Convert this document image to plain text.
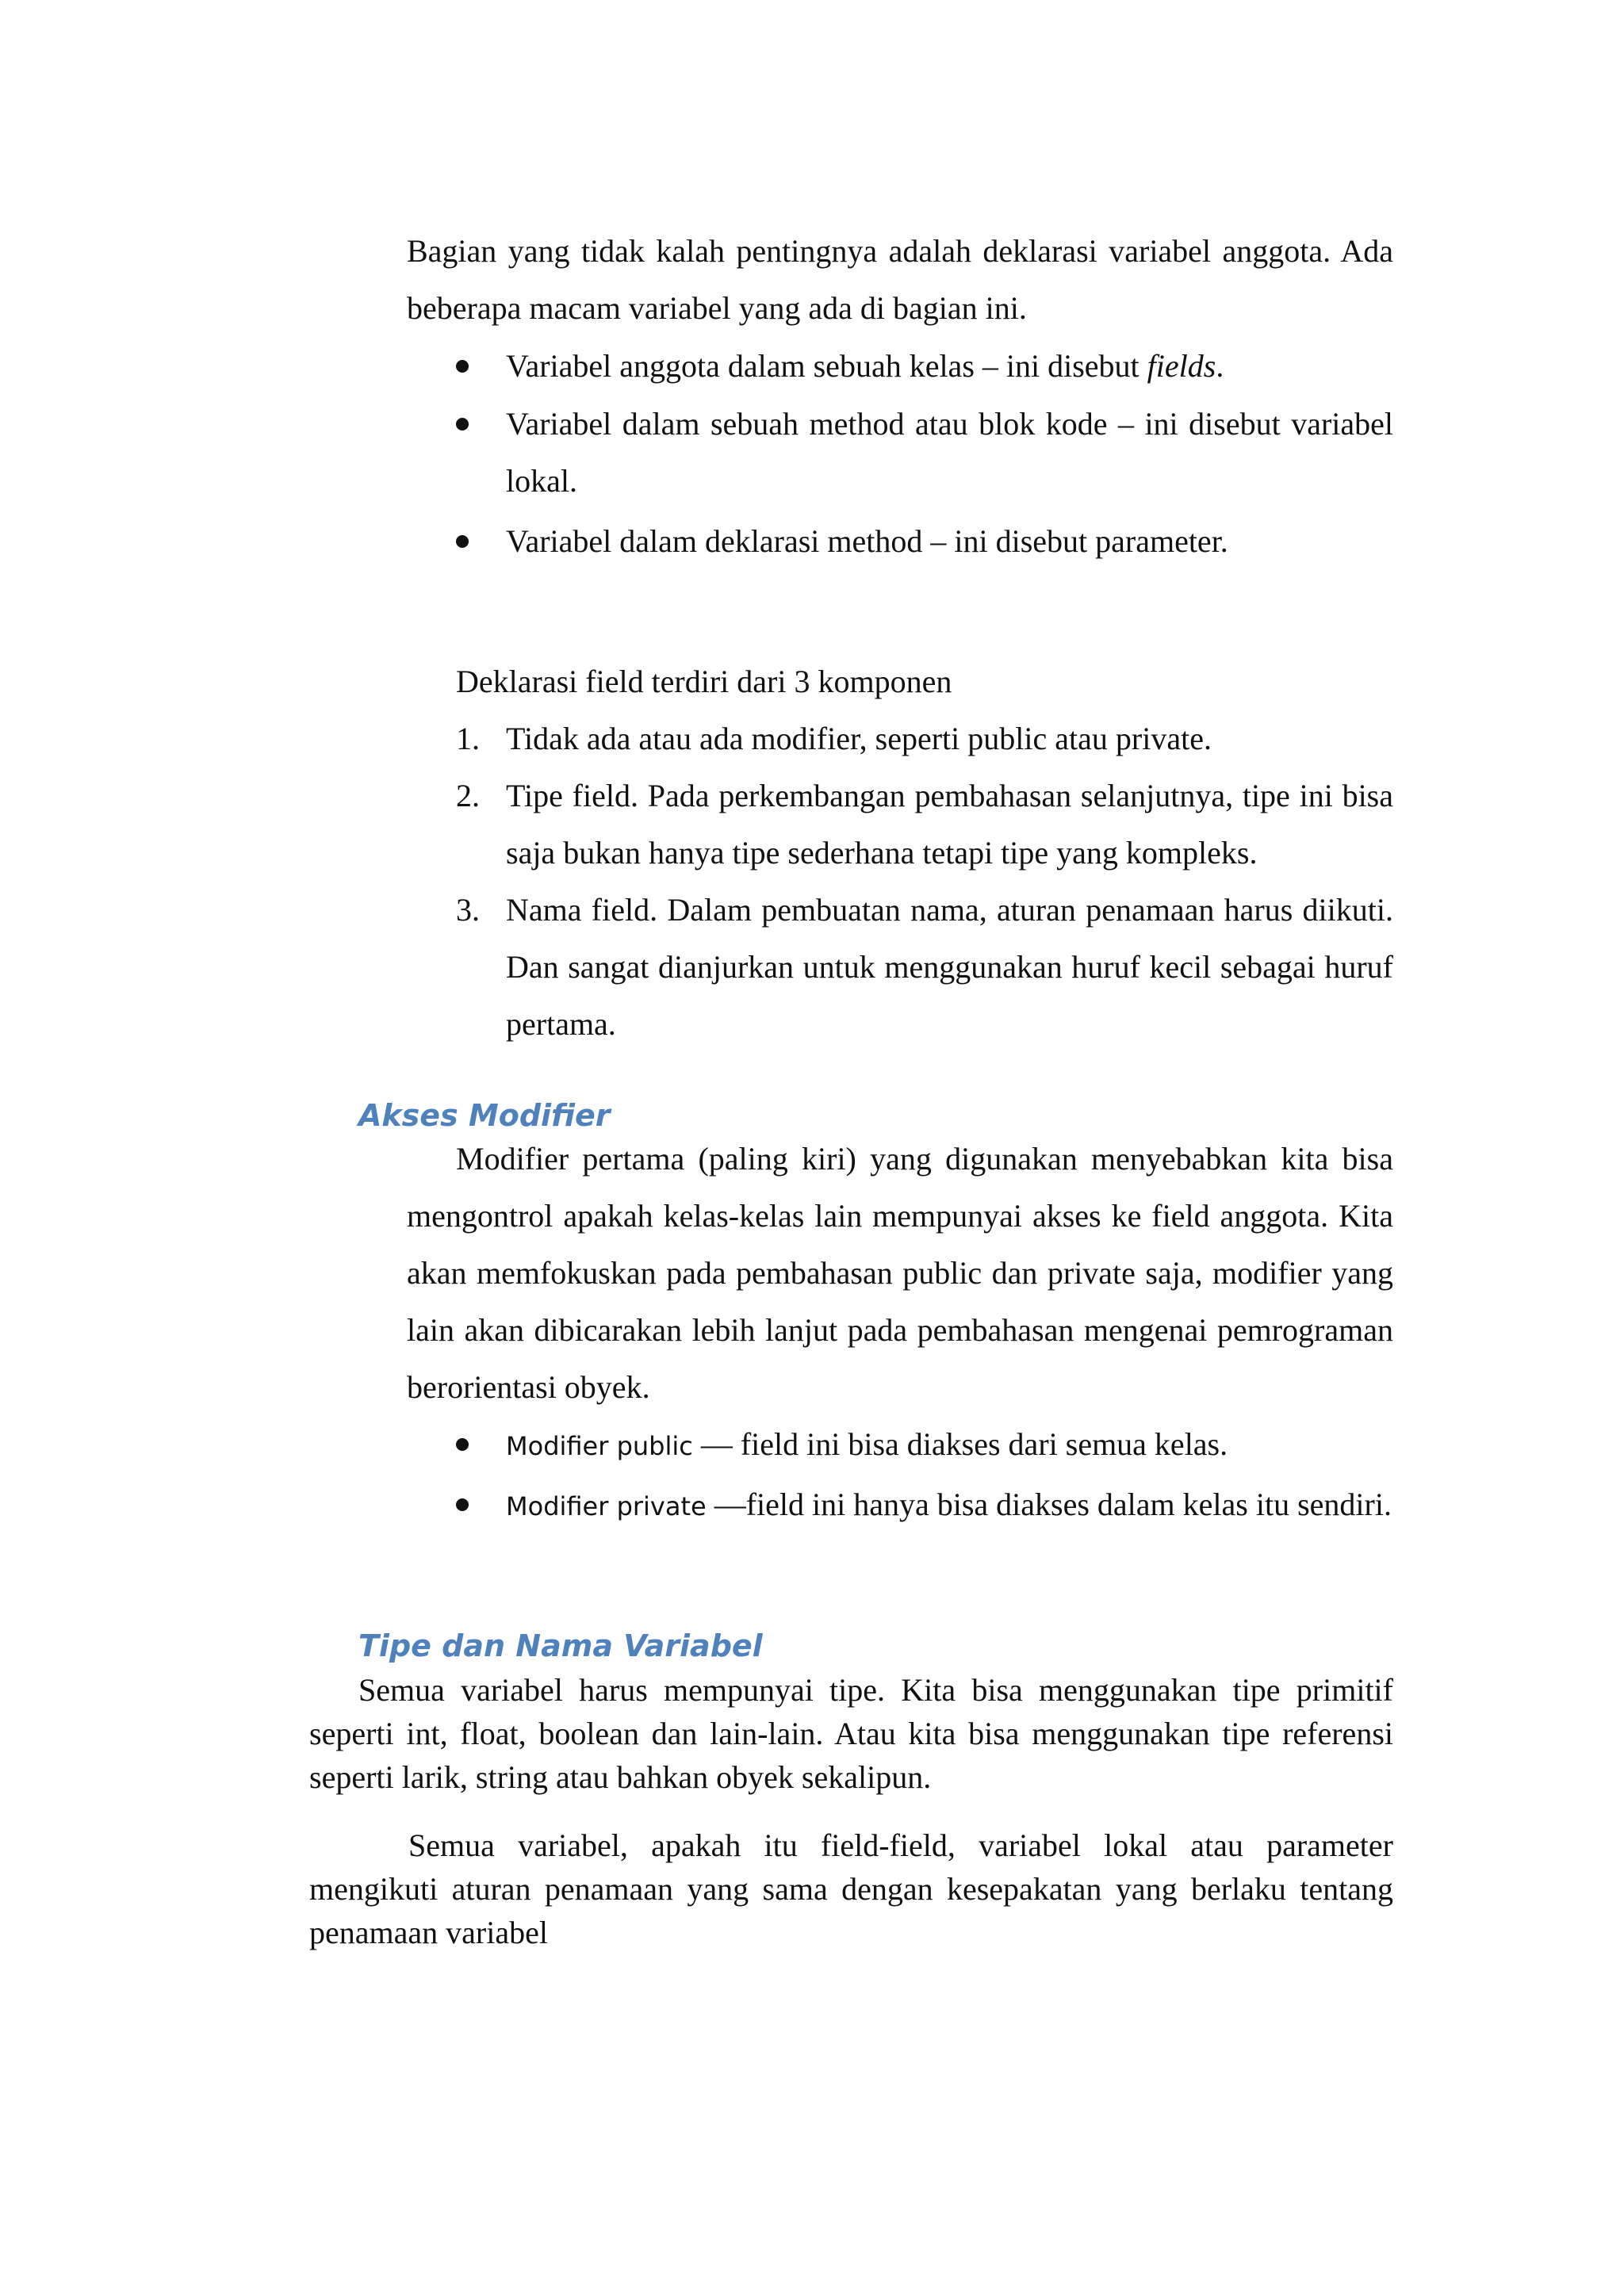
Bagian yang tidak kalah pentingnya adalah deklarasi variabel anggota. Ada beberapa macam variabel yang ada di bagian ini.

Variabel anggota dalam sebuah kelas – ini disebut fields.
Variabel dalam sebuah method atau blok kode – ini disebut variabel lokal.
Variabel dalam deklarasi method – ini disebut parameter.

Deklarasi field terdiri dari 3 komponen

1. Tidak ada atau ada modifier, seperti public atau private.
2. Tipe field. Pada perkembangan pembahasan selanjutnya, tipe ini bisa saja bukan hanya tipe sederhana tetapi tipe yang kompleks.
3. Nama field. Dalam pembuatan nama, aturan penamaan harus diikuti. Dan sangat dianjurkan untuk menggunakan huruf kecil sebagai huruf pertama.
Akses Modifier

Modifier pertama (paling kiri) yang digunakan menyebabkan kita bisa mengontrol apakah kelas-kelas lain mempunyai akses ke field anggota. Kita akan memfokuskan pada pembahasan public dan private saja, modifier yang lain akan dibicarakan lebih lanjut pada pembahasan mengenai pemrograman berorientasi obyek.

Modifier public — field ini bisa diakses dari semua kelas.
Modifier private —field ini hanya bisa diakses dalam kelas itu sendiri.
Tipe dan Nama Variabel

Semua variabel harus mempunyai tipe. Kita bisa menggunakan tipe primitif seperti int, float, boolean dan lain-lain. Atau kita bisa menggunakan tipe referensi seperti larik, string atau bahkan obyek sekalipun.

Semua variabel, apakah itu field-field, variabel lokal atau parameter mengikuti aturan penamaan yang sama dengan kesepakatan yang berlaku tentang penamaan variabel
